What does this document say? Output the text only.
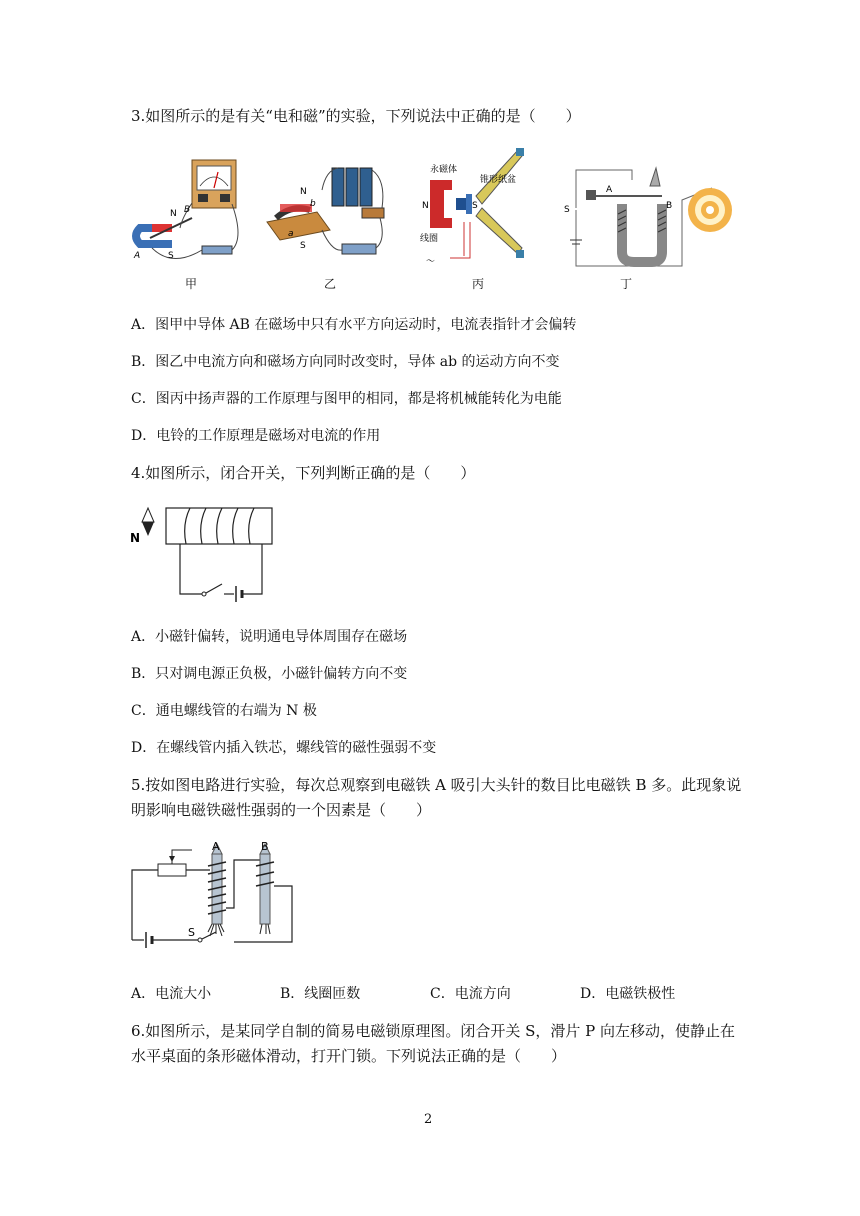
3.如图所示的是有关“电和磁”的实验，下列说法中正确的是（　　）
N
S
A
B
甲
N
S
b
a
乙
永磁体
锥形纸盆
线圈
N	S
～
丙
S
A
B
丁
A．图甲中导体 AB 在磁场中只有水平方向运动时，电流表指针才会偏转
B．图乙中电流方向和磁场方向同时改变时，导体 ab 的运动方向不变
C．图丙中扬声器的工作原理与图甲的相同，都是将机械能转化为电能
D．电铃的工作原理是磁场对电流的作用
4.如图所示，闭合开关，下列判断正确的是（　　）
N
A．小磁针偏转，说明通电导体周围存在磁场
B．只对调电源正负极，小磁针偏转方向不变
C．通电螺线管的右端为 N 极
D．在螺线管内插入铁芯，螺线管的磁性强弱不变
5.按如图电路进行实验，每次总观察到电磁铁 A 吸引大头针的数目比电磁铁 B 多。此现象说
明影响电磁铁磁性强弱的一个因素是（　　）
A	B
S
A．电流大小	B．线圈匝数	C．电流方向	D．电磁铁极性
6.如图所示，是某同学自制的简易电磁锁原理图。闭合开关 S，滑片 P 向左移动，使静止在
水平桌面的条形磁体滑动，打开门锁。下列说法正确的是（　　）
2
